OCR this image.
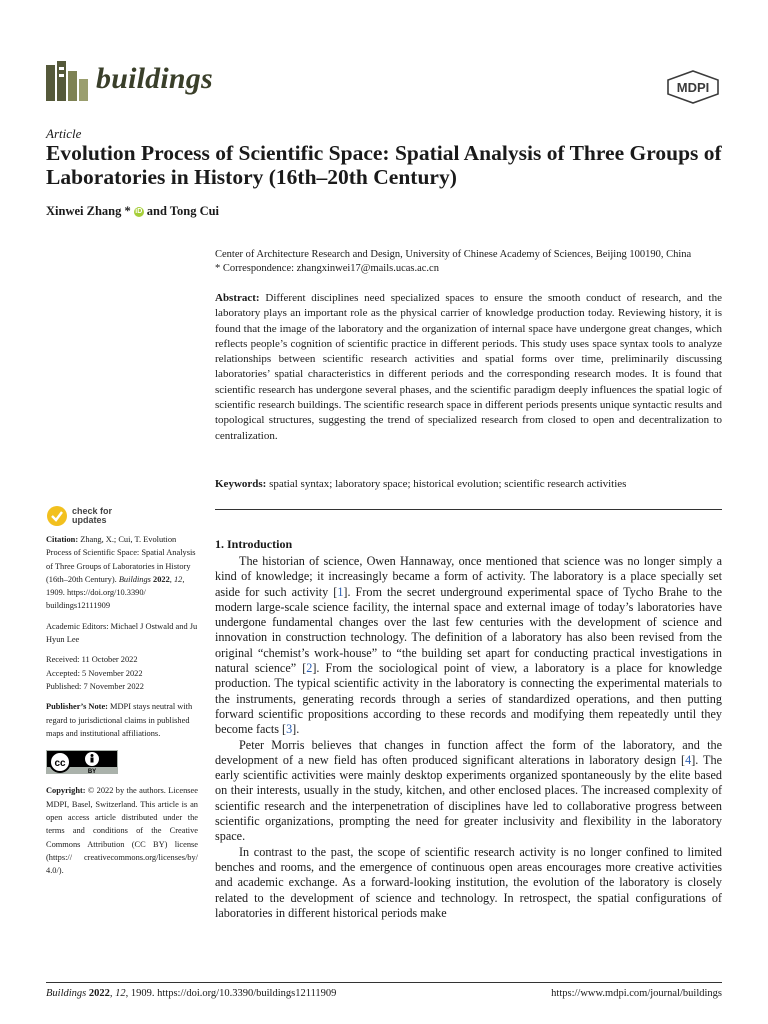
buildings	MDPI
Article
Evolution Process of Scientific Space: Spatial Analysis of Three Groups of Laboratories in History (16th–20th Century)
Xinwei Zhang * iD and Tong Cui
Center of Architecture Research and Design, University of Chinese Academy of Sciences, Beijing 100190, China
* Correspondence: zhangxinwei17@mails.ucas.ac.cn

Abstract: Different disciplines need specialized spaces to ensure the smooth conduct of research, and the laboratory plays an important role as the physical carrier of knowledge production today. Reviewing history, it is found that the image of the laboratory and the organization of internal space have undergone great changes, which reflects people’s cognition of scientific practice in different periods. This study uses space syntax tools to analyze relationships between scientific research activities and spatial forms over time, preliminarily discussing laboratories’ spatial characteristics in different periods and the corresponding research modes. It is found that scientific research has undergone several phases, and the scientific paradigm deeply influences the spatial logic of scientific research buildings. The scientific research space in different periods presents unique syntactic results and topological structures, suggesting the trend of specialized research from closed to open and decentralization to centralization.

Keywords: spatial syntax; laboratory space; historical evolution; scientific research activities

check for
updates

Citation: Zhang, X.; Cui, T. Evolution Process of Scientific Space: Spatial Analysis of Three Groups of Laboratories in History (16th–20th Century). Buildings 2022, 12, 1909. https://doi.org/10.3390/ buildings12111909

Academic Editors: Michael J Ostwald and Ju Hyun Lee

Received: 11 October 2022
Accepted: 5 November 2022
Published: 7 November 2022

Publisher’s Note: MDPI stays neutral with regard to jurisdictional claims in published maps and institutional affiliations.

cc
BY

Copyright: © 2022 by the authors. Licensee MDPI, Basel, Switzerland. This article is an open access article distributed under the terms and conditions of the Creative Commons Attribution (CC BY) license (https:// creativecommons.org/licenses/by/ 4.0/).

1. Introduction

The historian of science, Owen Hannaway, once mentioned that science was no longer simply a kind of knowledge; it increasingly became a form of activity. The laboratory is a place specially set aside for such activity [1]. From the secret underground experimental space of Tycho Brahe to the modern large-scale science facility, the internal space and external image of today’s laboratories have undergone fundamental changes over the last few centuries with the development of science and innovation in construction technology. The definition of a laboratory has also been revised from the original “chemist’s work-house” to “the building set apart for conducting practical investigations in natural science” [2]. From the sociological point of view, a laboratory is a place for knowledge production. The typical scientific activity in the laboratory is connecting the experimental materials to the instruments, generating records through a series of standardized operations, and then putting forward scientific propositions according to these records and modifying them repeatedly until they become facts [3].

Peter Morris believes that changes in function affect the form of the laboratory, and the development of a new field has often produced significant alterations in laboratory design [4]. The early scientific activities were mainly desktop experiments organized spontaneously by the elite based on their interests, usually in the study, kitchen, and other enclosed places. The increased complexity of scientific research and the interpenetration of disciplines have led to collaborative progress between scientific organizations, prompting the need for greater inclusivity and flexibility in the laboratory space.

In contrast to the past, the scope of scientific research activity is no longer confined to limited benches and rooms, and the emergence of continuous open areas encourages more creative activities and academic exchange. As a forward-looking institution, the evolution of the laboratory is closely related to the development of science and technology. In retrospect, the spatial configurations of laboratories in different historical periods make

Buildings 2022, 12, 1909. https://doi.org/10.3390/buildings12111909	https://www.mdpi.com/journal/buildings
